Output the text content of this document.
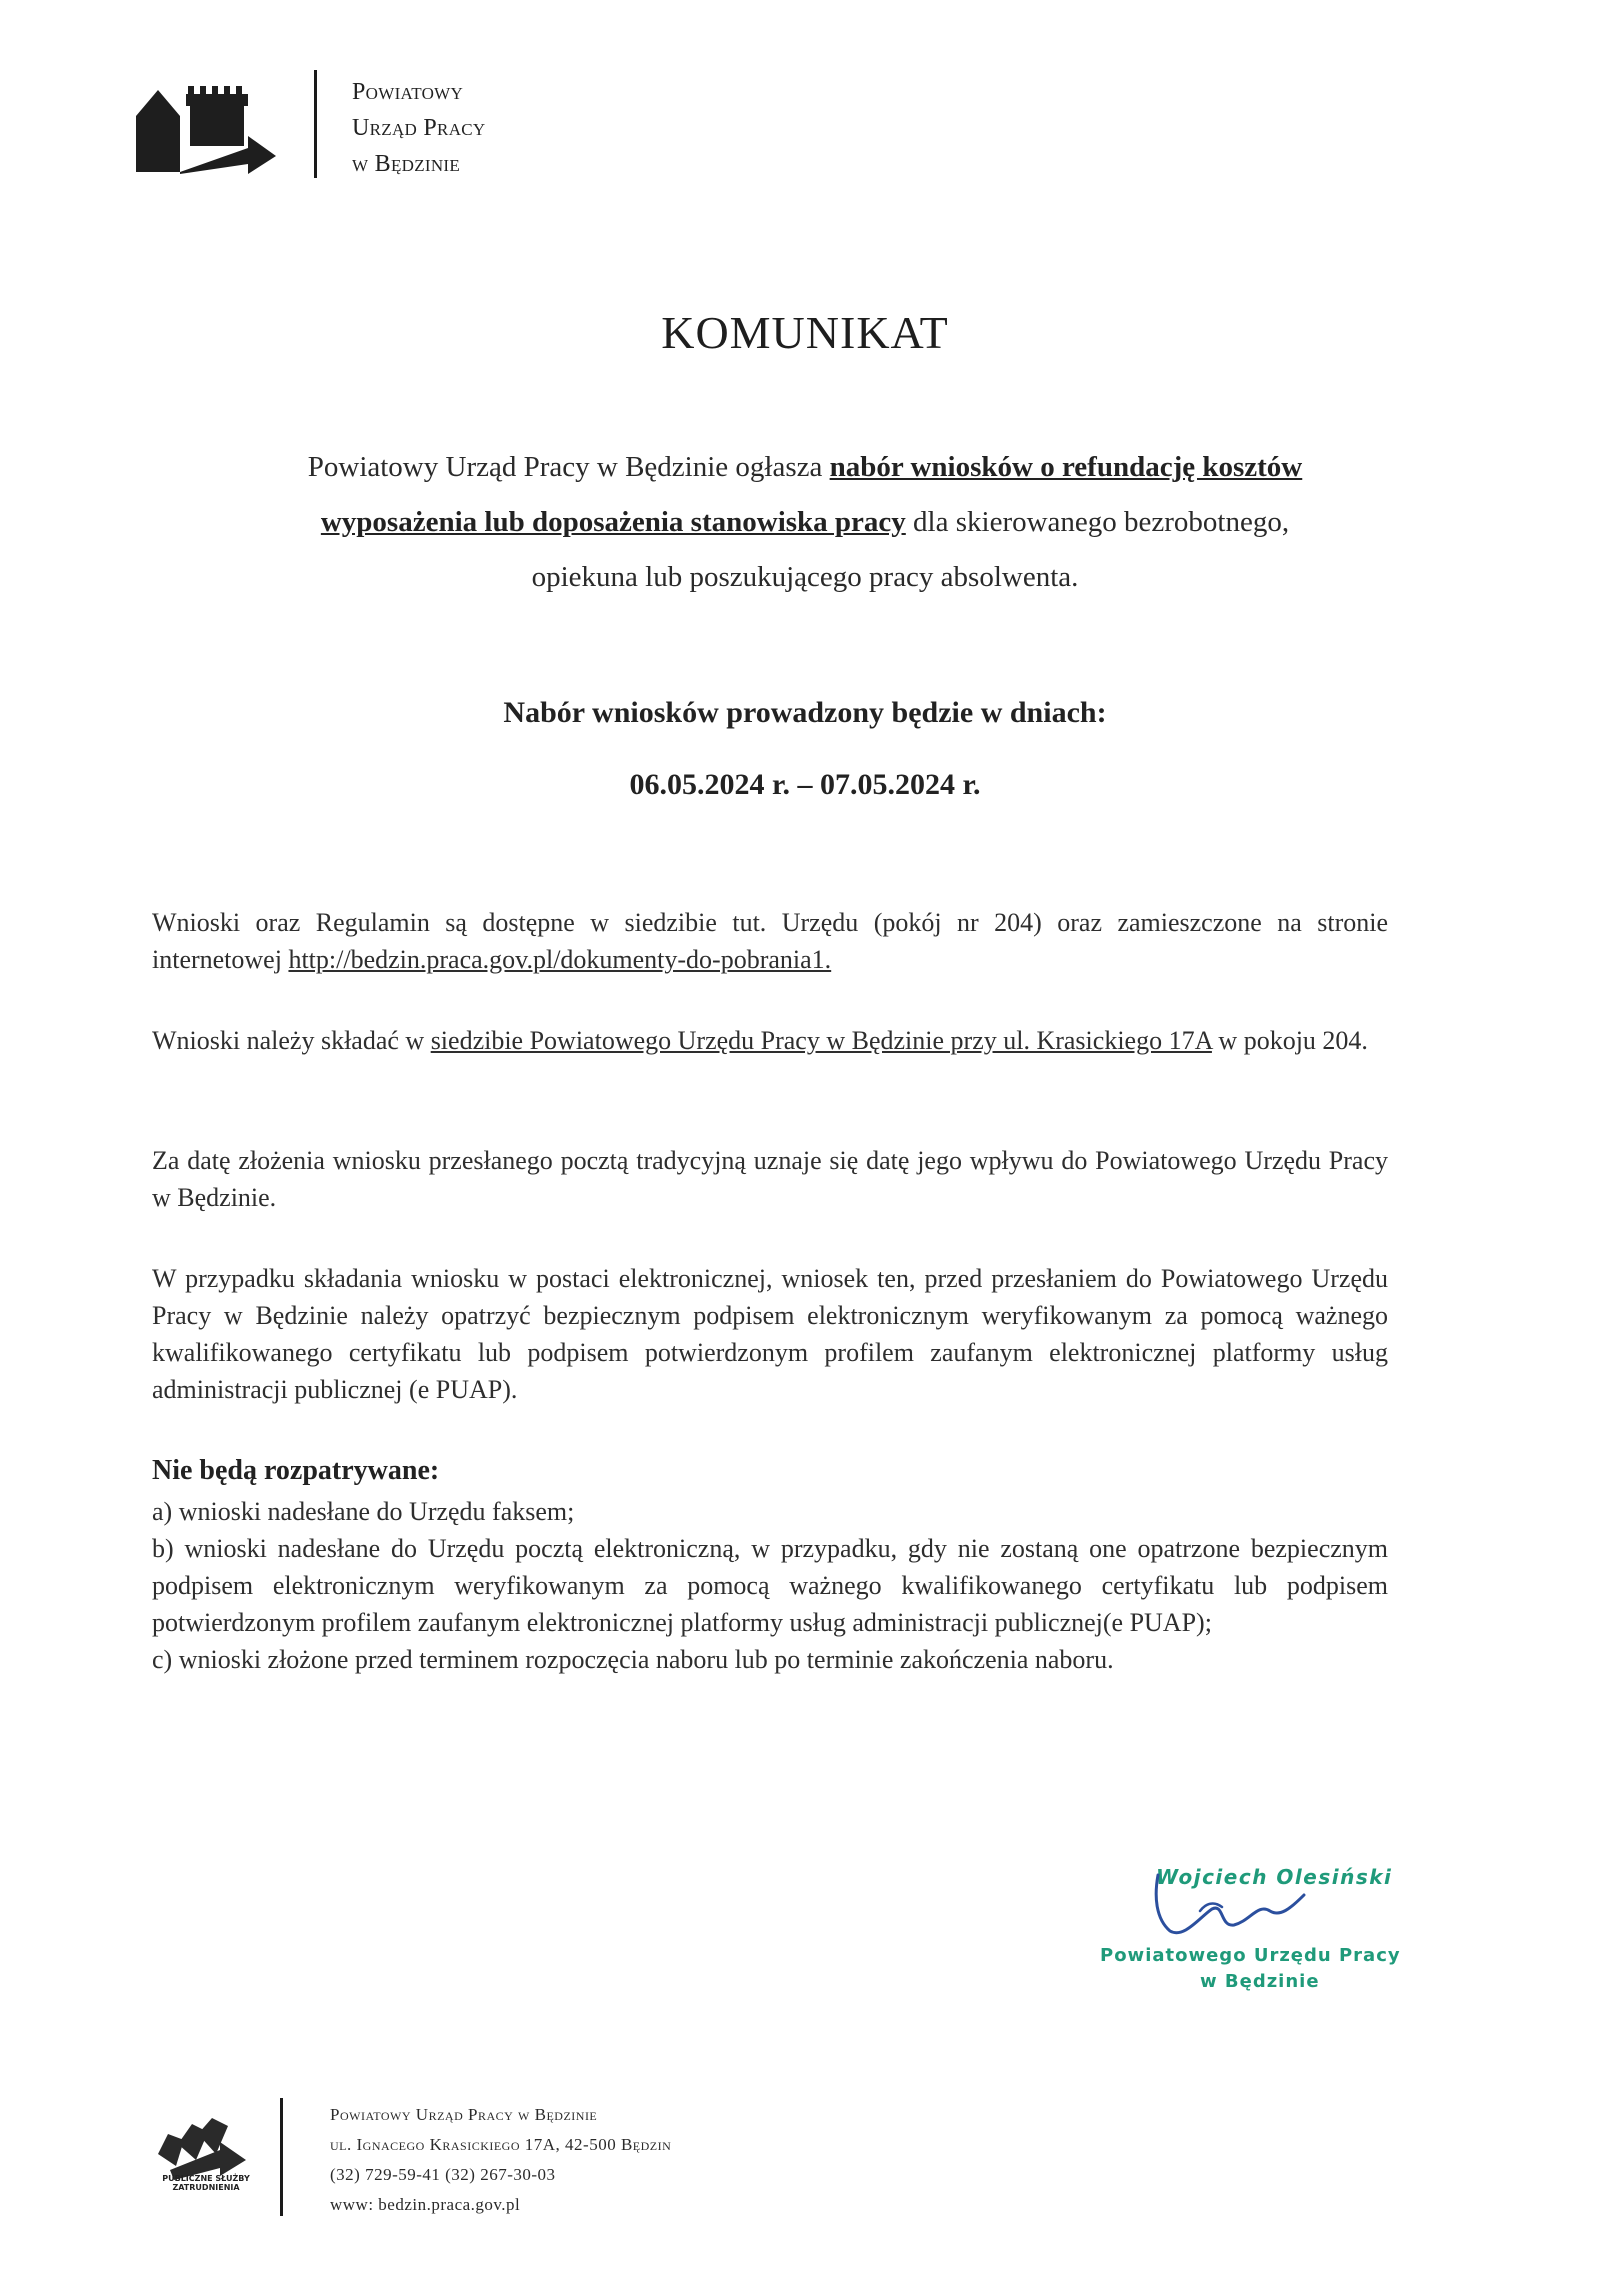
Powiatowy
Urząd Pracy
w Będzinie
KOMUNIKAT
Powiatowy Urząd Pracy w Będzinie ogłasza nabór wniosków o refundację kosztów
wyposażenia lub doposażenia stanowiska pracy dla skierowanego bezrobotnego,
opiekuna lub poszukującego pracy absolwenta.
Nabór wniosków prowadzony będzie w dniach:
06.05.2024 r. – 07.05.2024 r.
Wnioski oraz Regulamin są dostępne w siedzibie tut. Urzędu (pokój nr 204) oraz zamieszczone na stronie internetowej http://bedzin.praca.gov.pl/dokumenty-do-pobrania1.
Wnioski należy składać w siedzibie Powiatowego Urzędu Pracy w Będzinie przy ul. Krasickiego 17A w pokoju 204.
Za datę złożenia wniosku przesłanego pocztą tradycyjną uznaje się datę jego wpływu do Powiatowego Urzędu Pracy w Będzinie.
W przypadku składania wniosku w postaci elektronicznej, wniosek ten, przed przesłaniem do Powiatowego Urzędu Pracy w Będzinie należy opatrzyć bezpiecznym podpisem elektronicznym weryfikowanym za pomocą ważnego kwalifikowanego certyfikatu lub podpisem potwierdzonym profilem zaufanym elektronicznej platformy usług administracji publicznej (e PUAP).
Nie będą rozpatrywane:
a) wnioski nadesłane do Urzędu faksem;
b) wnioski nadesłane do Urzędu pocztą elektroniczną, w przypadku, gdy nie zostaną one opatrzone bezpiecznym podpisem elektronicznym weryfikowanym za pomocą ważnego kwalifikowanego certyfikatu lub podpisem potwierdzonym profilem zaufanym elektronicznej platformy usług administracji publicznej(e PUAP);
c) wnioski złożone przed terminem rozpoczęcia naboru lub po terminie zakończenia naboru.
Wojciech Olesiński
Powiatowego Urzędu Pracy
w Będzinie
PUBLICZNE SŁUŻBY ZATRUDNIENIA
Powiatowy Urząd Pracy w Będzinie
ul. Ignacego Krasickiego 17A, 42-500 Będzin
(32) 729-59-41 (32) 267-30-03
www: bedzin.praca.gov.pl
